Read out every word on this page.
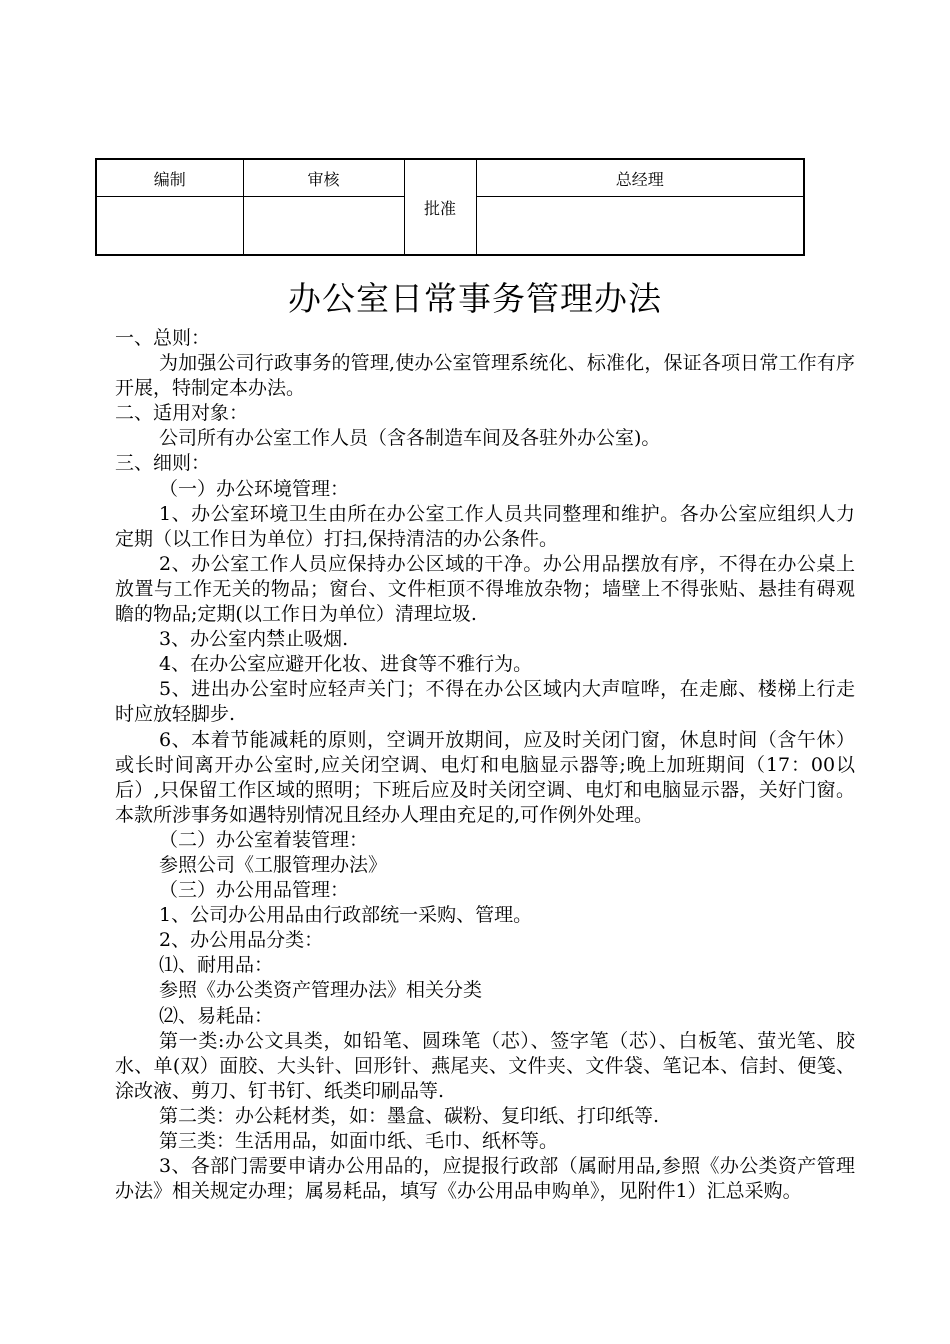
编制	审核	批准	总经理

办公室日常事务管理办法

一、总则：

为加强公司行政事务的管理,使办公室管理系统化、标准化，保证各项日常工作有序开展，特制定本办法。

二、适用对象：

公司所有办公室工作人员（含各制造车间及各驻外办公室)。

三、细则：

（一）办公环境管理：

1、办公室环境卫生由所在办公室工作人员共同整理和维护。各办公室应组织人力定期（以工作日为单位）打扫,保持清洁的办公条件。

2、办公室工作人员应保持办公区域的干净。办公用品摆放有序，不得在办公桌上放置与工作无关的物品；窗台、文件柜顶不得堆放杂物；墙壁上不得张贴、悬挂有碍观瞻的物品;定期(以工作日为单位）清理垃圾.

3、办公室内禁止吸烟.

4、在办公室应避开化妆、进食等不雅行为。

5、进出办公室时应轻声关门；不得在办公区域内大声喧哗，在走廊、楼梯上行走时应放轻脚步.

6、本着节能减耗的原则，空调开放期间，应及时关闭门窗，休息时间（含午休）或长时间离开办公室时,应关闭空调、电灯和电脑显示器等;晚上加班期间（17：00以后）,只保留工作区域的照明；下班后应及时关闭空调、电灯和电脑显示器，关好门窗。本款所涉事务如遇特别情况且经办人理由充足的,可作例外处理。

（二）办公室着装管理：

参照公司《工服管理办法》

（三）办公用品管理：

1、公司办公用品由行政部统一采购、管理。

2、办公用品分类：

⑴、耐用品：

参照《办公类资产管理办法》相关分类

⑵、易耗品：

第一类:办公文具类，如铅笔、圆珠笔（芯）、签字笔（芯）、白板笔、萤光笔、胶水、单(双）面胶、大头针、回形针、燕尾夹、文件夹、文件袋、笔记本、信封、便笺、涂改液、剪刀、钉书钉、纸类印刷品等.

第二类：办公耗材类，如：墨盒、碳粉、复印纸、打印纸等.

第三类：生活用品，如面巾纸、毛巾、纸杯等。

3、各部门需要申请办公用品的，应提报行政部（属耐用品,参照《办公类资产管理办法》相关规定办理；属易耗品，填写《办公用品申购单》，见附件1）汇总采购。
